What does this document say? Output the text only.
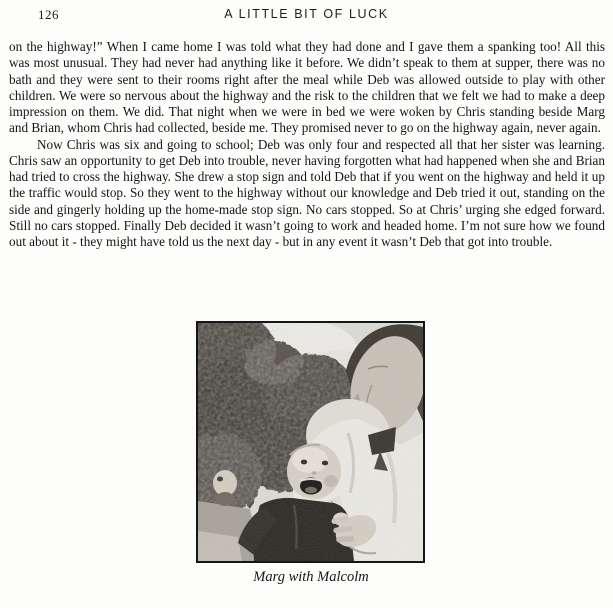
126	A LITTLE BIT OF LUCK

on the highway!” When I came home I was told what they had done and I gave them a spanking too! All this was most unusual. They had never had anything like it before. We didn’t speak to them at supper, there was no bath and they were sent to their rooms right after the meal while Deb was allowed outside to play with other children. We were so nervous about the highway and the risk to the children that we felt we had to make a deep impression on them. We did. That night when we were in bed we were woken by Chris standing beside Marg and Brian, whom Chris had collected, beside me. They promised never to go on the highway again, never again.

Now Chris was six and going to school; Deb was only four and respected all that her sister was learning. Chris saw an opportunity to get Deb into trouble, never having forgotten what had happened when she and Brian had tried to cross the highway. She drew a stop sign and told Deb that if you went on the highway and held it up the traffic would stop. So they went to the highway without our knowledge and Deb tried it out, standing on the side and gingerly holding up the home-made stop sign. No cars stopped. So at Chris’ urging she edged forward. Still no cars stopped. Finally Deb decided it wasn’t going to work and headed home. I’m not sure how we found out about it - they might have told us the next day - but in any event it wasn’t Deb that got into trouble.

Marg with Malcolm
